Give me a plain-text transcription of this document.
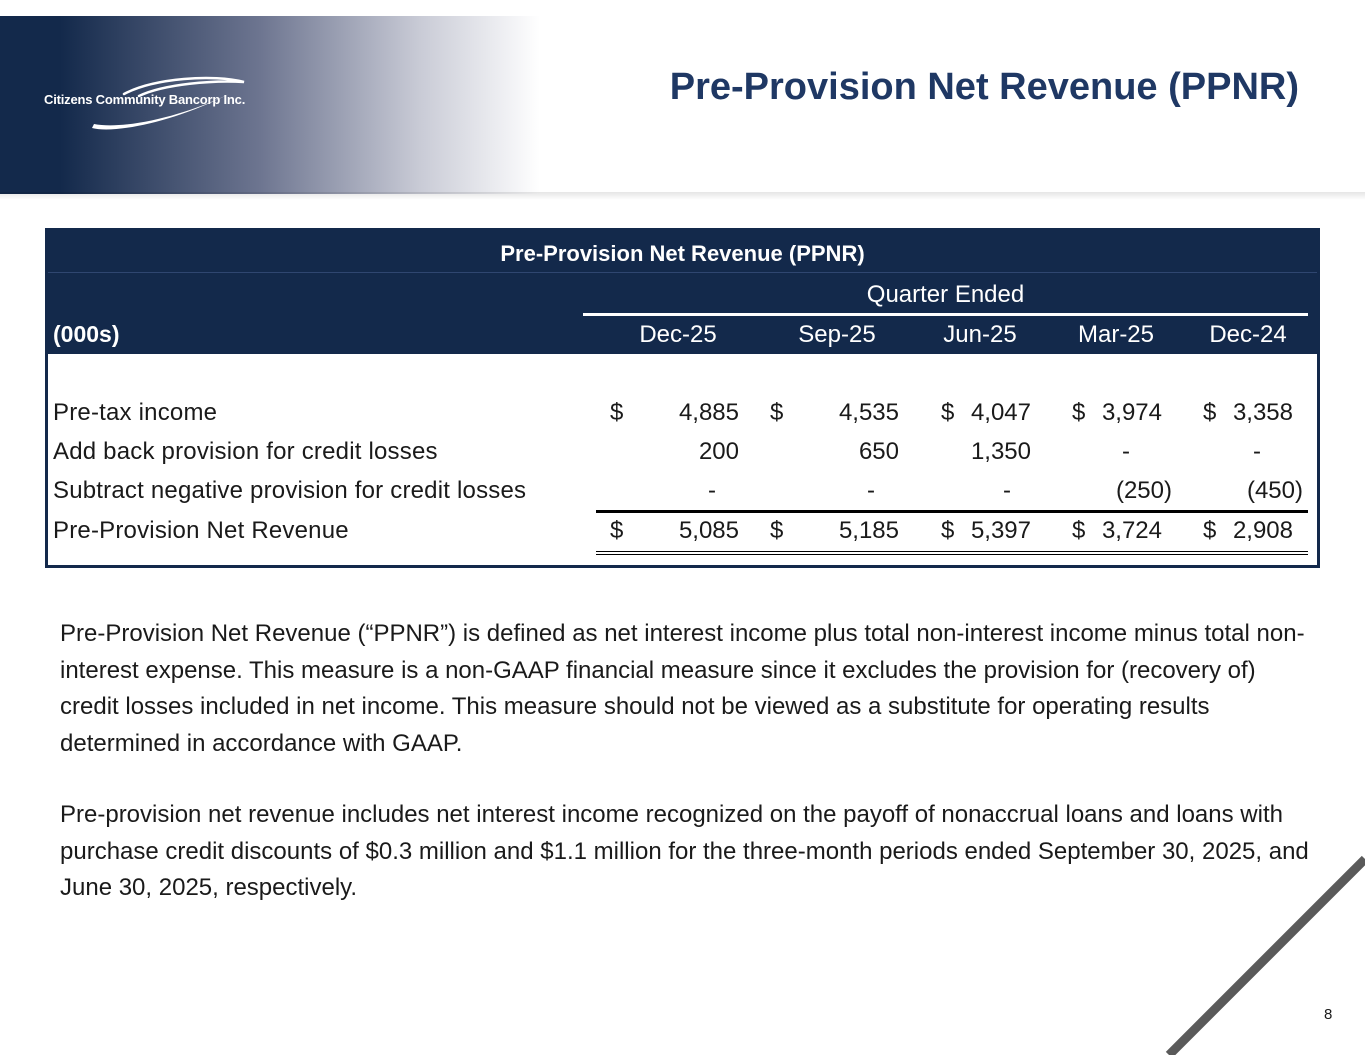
Citizens Community Bancorp Inc.	Pre-Provision Net Revenue (PPNR)
Pre-Provision Net Revenue (PPNR)
Quarter Ended
(000s)	Dec-25	Sep-25	Jun-25	Mar-25	Dec-24
Pre-tax income	$ 4,885 $ 4,535 $ 4,047 $ 3,974 $ 3,358
Add back provision for credit losses	200	650	1,350	-	-
Subtract negative provision for credit losses	-	-	-	(250)	(450)
Pre-Provision Net Revenue	$ 5,085 $ 5,185 $ 5,397 $ 3,724 $ 2,908

Pre-Provision Net Revenue (“PPNR”) is defined as net interest income plus total non-interest income minus total non-interest expense. This measure is a non-GAAP financial measure since it excludes the provision for (recovery of) credit losses included in net income. This measure should not be viewed as a substitute for operating results determined in accordance with GAAP.

Pre-provision net revenue includes net interest income recognized on the payoff of nonaccrual loans and loans with purchase credit discounts of $0.3 million and $1.1 million for the three-month periods ended September 30, 2025, and June 30, 2025, respectively.

8
